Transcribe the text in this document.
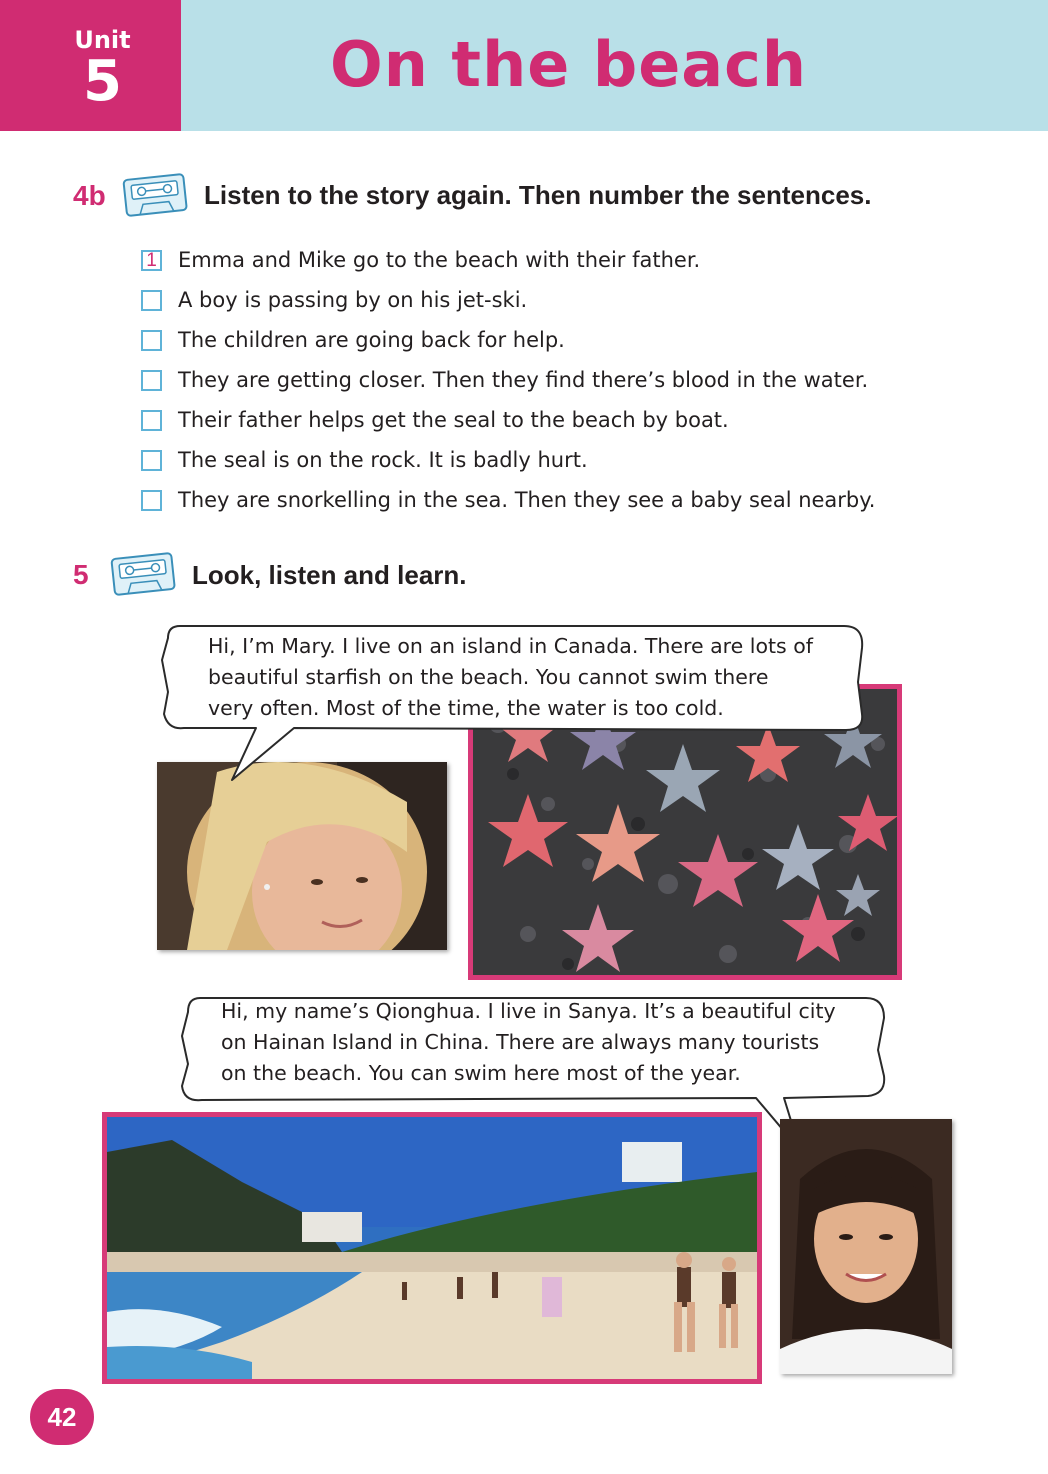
Unit
5	On the beach
4b	Listen to the story again. Then number the sentences.
1 Emma and Mike go to the beach with their father.
A boy is passing by on his jet-ski.
The children are going back for help.
They are getting closer. Then they find there’s blood in the water.
Their father helps get the seal to the beach by boat.
The seal is on the rock. It is badly hurt.
They are snorkelling in the sea. Then they see a baby seal nearby.
5	Look, listen and learn.
Hi, I’m Mary. I live on an island in Canada. There are lots of
beautiful starfish on the beach. You cannot swim there
very often. Most of the time, the water is too cold.
Hi, my name’s Qionghua. I live in Sanya. It’s a beautiful city
on Hainan Island in China. There are always many tourists
on the beach. You can swim here most of the year.
42
